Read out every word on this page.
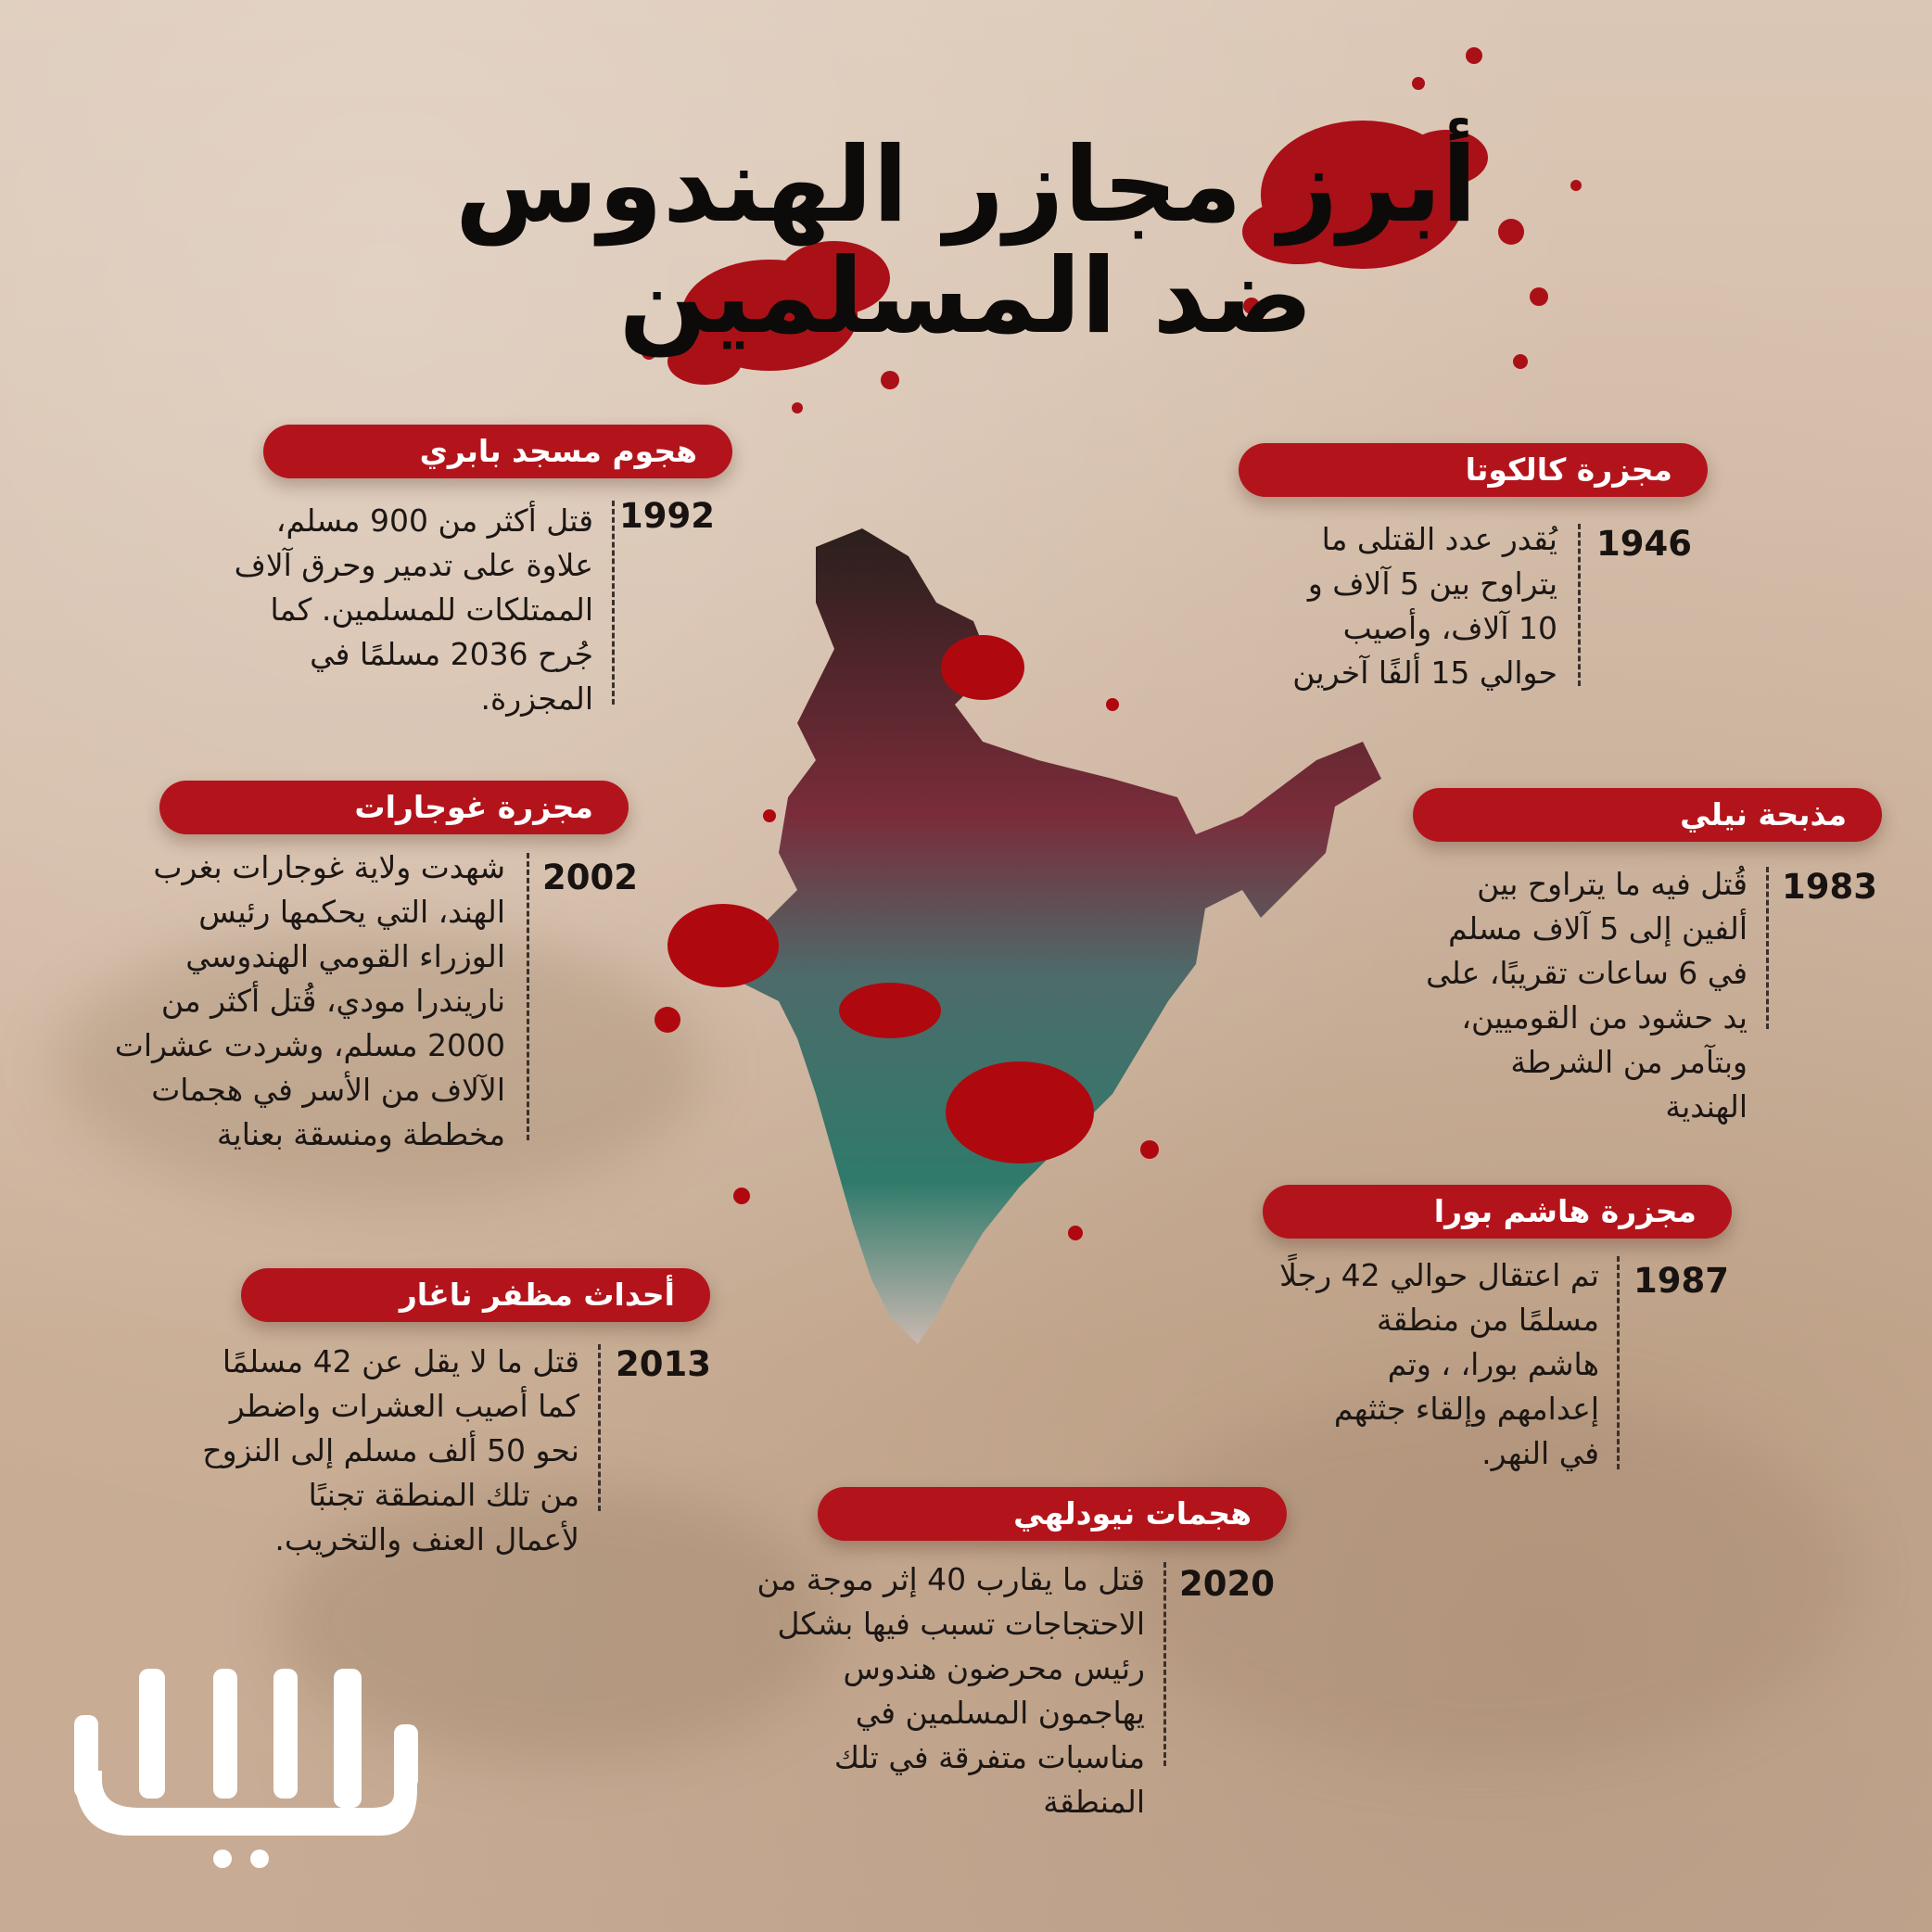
أبرز مجازر الهندوس
ضد المسلمين
هجوم مسجد بابري
1992
قتل أكثر من 900 مسلم،
علاوة على تدمير وحرق آلاف
الممتلكات للمسلمين. كما
جُرح 2036 مسلمًا في
المجزرة.
مجزرة كالكوتا
1946
يُقدر عدد القتلى ما
يتراوح بين 5 آلاف و
10 آلاف، وأصيب
حوالي 15 ألفًا آخرين
مجزرة غوجارات
2002
شهدت ولاية غوجارات بغرب
الهند، التي يحكمها رئيس
الوزراء القومي الهندوسي
ناريندرا مودي، قُتل أكثر من
2000 مسلم، وشردت عشرات
الآلاف من الأسر في هجمات
مخططة ومنسقة بعناية
مذبحة نيلي
1983
قُتل فيه ما يتراوح بين
ألفين إلى 5 آلاف مسلم
في 6 ساعات تقريبًا، على
يد حشود من القوميين،
وبتآمر من الشرطة
الهندية
مجزرة هاشم بورا
1987
تم اعتقال حوالي 42 رجلًا
مسلمًا من منطقة
هاشم بورا، ، وتم
إعدامهم وإلقاء جثثهم
في النهر.
أحداث مظفر ناغار
2013
قتل ما لا يقل عن 42 مسلمًا
كما أصيب العشرات واضطر
نحو 50 ألف مسلم إلى النزوح
من تلك المنطقة تجنبًا
لأعمال العنف والتخريب.
هجمات نيودلهي
2020
قتل ما يقارب 40 إثر موجة من
الاحتجاجات تسبب فيها بشكل
رئيس محرضون هندوس
يهاجمون المسلمين في
مناسبات متفرقة في تلك
المنطقة
